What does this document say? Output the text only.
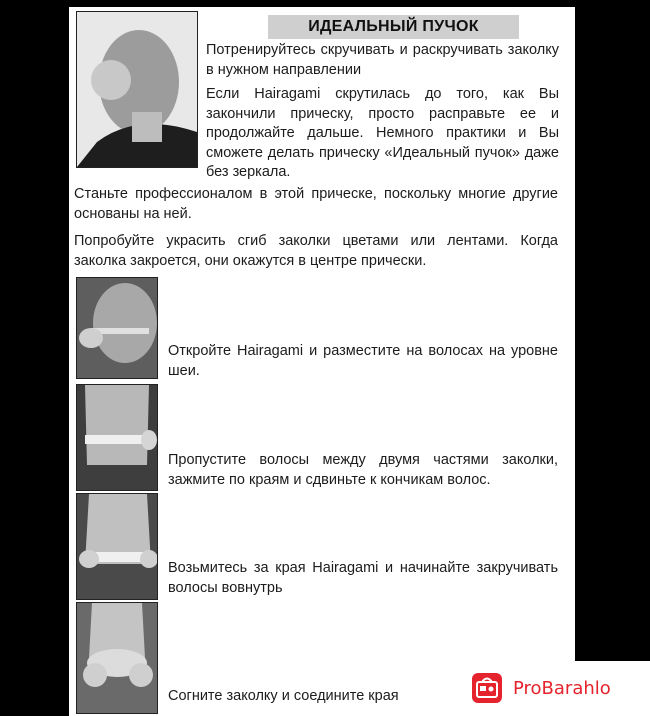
ИДЕАЛЬНЫЙ ПУЧОК

Потренируйтесь скручивать и раскручивать заколку в нужном направлении

Если Hairagami скрутилась до того, как Вы закончили прическу, просто расправьте ее и продолжайте дальше. Немного практики и Вы сможете делать прическу «Идеальный пучок» даже без зеркала.

Станьте профессионалом в этой прическе, поскольку многие другие основаны на ней.

Попробуйте украсить сгиб заколки цветами или лентами. Когда заколка закроется, они окажутся в центре прически.

Откройте Hairagami и разместите на волосах на уровне шеи.

Пропустите волосы между двумя частями заколки, зажмите по краям и сдвиньте к кончикам волос.

Возьмитесь за края Hairagami и начинайте закручивать волосы вовнутрь

Согните заколку и соедините края	ProBarahlo
